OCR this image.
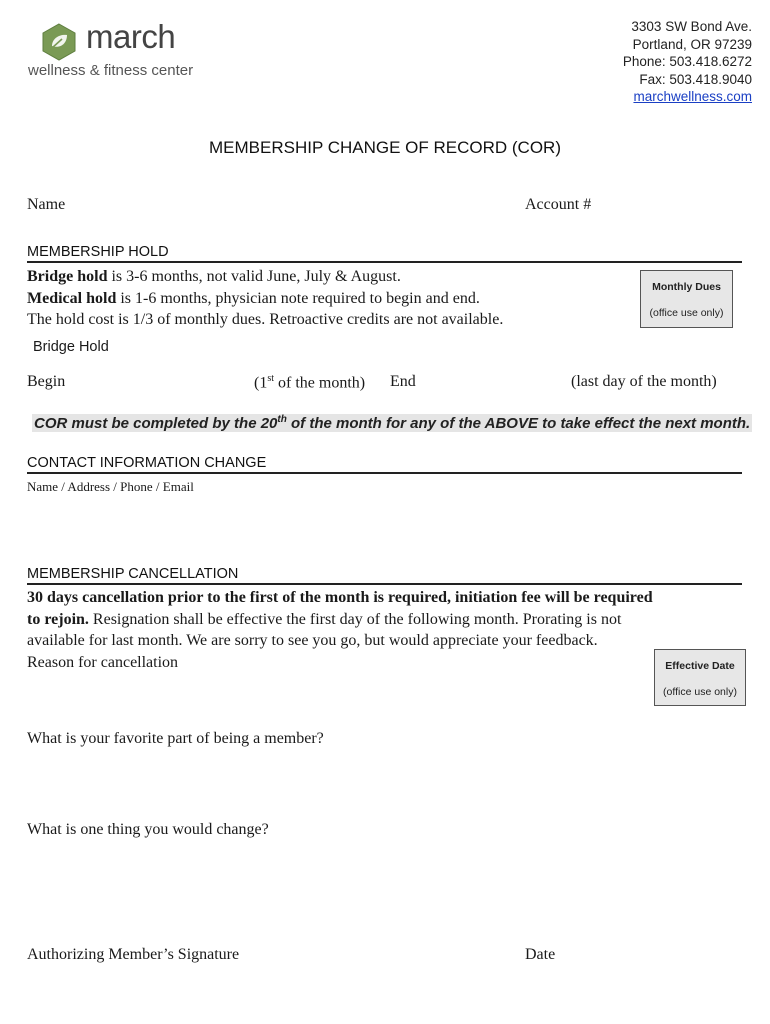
march
wellness & fitness center
3303 SW Bond Ave.
Portland, OR 97239
Phone: 503.418.6272
Fax: 503.418.9040
marchwellness.com
MEMBERSHIP CHANGE OF RECORD (COR)
Name	Account #
MEMBERSHIP HOLD
Bridge hold is 3-6 months, not valid June, July & August.
Medical hold is 1-6 months, physician note required to begin and end.
The hold cost is 1/3 of monthly dues. Retroactive credits are not available.
Monthly Dues
(office use only)
Bridge Hold
Begin	(1st of the month) End	(last day of the month)
COR must be completed by the 20th of the month for any of the ABOVE to take effect the next month.
CONTACT INFORMATION CHANGE
Name / Address / Phone / Email
MEMBERSHIP CANCELLATION
30 days cancellation prior to the first of the month is required, initiation fee will be required
to rejoin. Resignation shall be effective the first day of the following month. Prorating is not
available for last month. We are sorry to see you go, but would appreciate your feedback.
Reason for cancellation	Effective Date
(office use only)
What is your favorite part of being a member?
What is one thing you would change?
Authorizing Member’s Signature	Date
